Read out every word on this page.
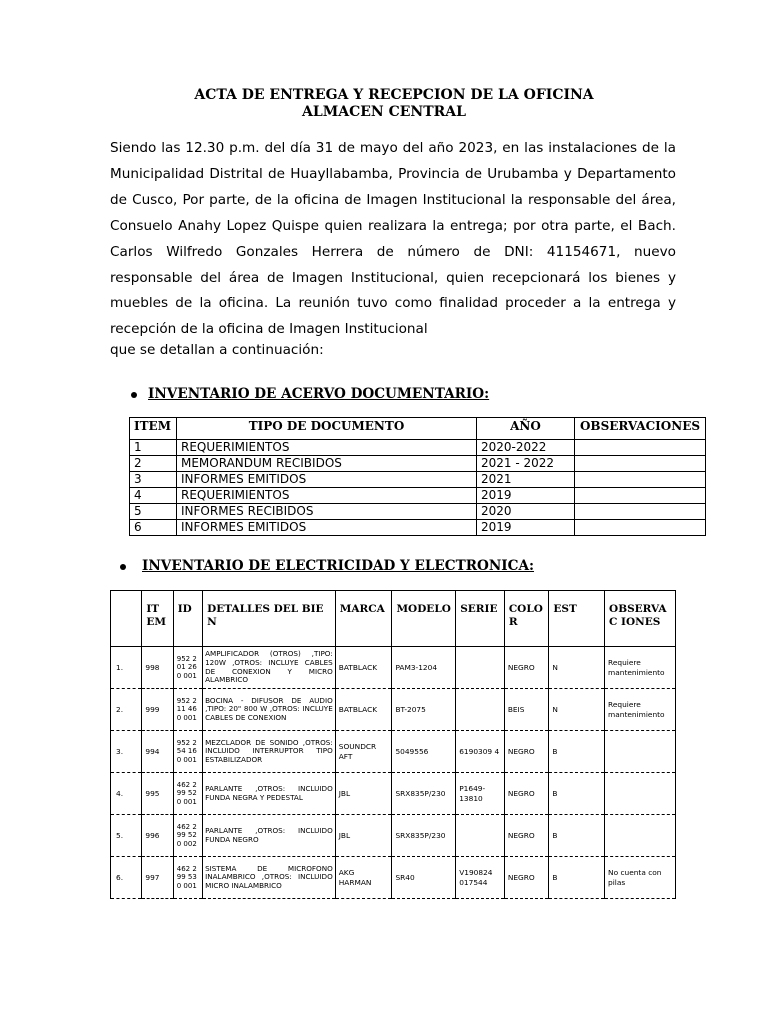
ACTA DE ENTREGA Y RECEPCION DE LA OFICINA

ALMACEN CENTRAL

Siendo las 12.30 p.m. del día 31 de mayo del año 2023, en las instalaciones de la Municipalidad Distrital de Huayllabamba, Provincia de Urubamba y Departamento de Cusco, Por parte, de la oficina de Imagen Institucional la responsable del área, Consuelo Anahy Lopez Quispe quien realizara la entrega; por otra parte, el Bach. Carlos Wilfredo Gonzales Herrera de número de DNI: 41154671, nuevo responsable del área de Imagen Institucional, quien recepcionará los bienes y muebles de la oficina. La reunión tuvo como finalidad proceder a la entrega y recepción de la oficina de Imagen Institucional

que se detallan a continuación:

INVENTARIO DE ACERVO DOCUMENTARIO:

ITEM	TIPO DE DOCUMENTO	AÑO	OBSERVACIONES
1	REQUERIMIENTOS	2020-2022	
2	MEMORANDUM RECIBIDOS	2021 - 2022	
3	INFORMES EMITIDOS	2021	
4	REQUERIMIENTOS	2019	
5	INFORMES RECIBIDOS	2020	
6	INFORMES EMITIDOS	2019	

INVENTARIO DE ELECTRICIDAD Y ELECTRONICA:

	IT EM	ID	DETALLES DEL BIEN	MARCA	MODELO	SERIE	COLO R	EST	OBSERVAC IONES
1.	998	952 201 260 001	AMPLIFICADOR (OTROS) ,TIPO: 120W ,OTROS: INCLUYE CABLES DE CONEXION Y MICRO ALAMBRICO	BATBLACK	PAM3-1204		NEGRO	N	Requiere mantenimiento
2.	999	952 211 460 001	BOCINA - DIFUSOR DE AUDIO ,TIPO: 20" 800 W ,OTROS: INCLUYE CABLES DE CONEXION	BATBLACK	BT-2075		BEIS	N	Requiere mantenimiento
3.	994	952 254 160 001	MEZCLADOR DE SONIDO ,OTROS: INCLUIDO INTERRUPTOR TIPO ESTABILIZADOR	SOUNDCR AFT	5049556	6190309 4	NEGRO	B	
4.	995	462 299 520 001	PARLANTE ,OTROS: INCLUIDO FUNDA NEGRA Y PEDESTAL	JBL	SRX835P/230	P1649-13810	NEGRO	B	
5.	996	462 299 520 002	PARLANTE ,OTROS: INCLUIDO FUNDA NEGRO	JBL	SRX835P/230		NEGRO	B	
6.	997	462 299 530 001	SISTEMA DE MICROFONO INALAMBRICO ,OTROS: INCLUIDO MICRO INALAMBRICO	AKG HARMAN	SR40	V190824 017544	NEGRO	B	No cuenta con pilas
